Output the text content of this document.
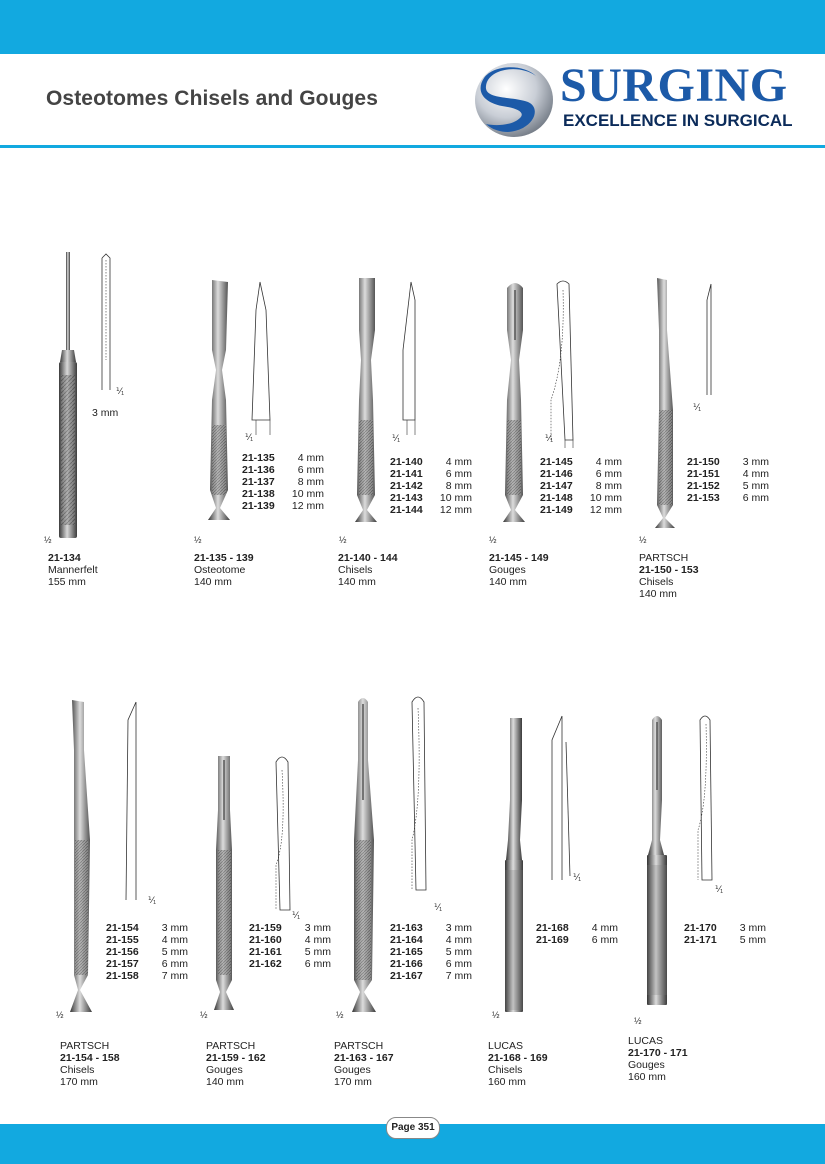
Osteotomes Chisels and Gouges	SURGING
EXCELLENCE IN SURGICAL
⅟₁
3 mm
½
21-134
Mannerfelt
155 mm
⅟₁
21-135 4 mm
21-136 6 mm
21-137 8 mm
21-138 10 mm
21-139 12 mm
½
21-135 - 139
Osteotome
140 mm
⅟₁
21-140 4 mm
21-141 6 mm
21-142 8 mm
21-143 10 mm
21-144 12 mm
½
21-140 - 144
Chisels
140 mm
⅟₁
21-145 4 mm
21-146 6 mm
21-147 8 mm
21-148 10 mm
21-149 12 mm
½
21-145 - 149
Gouges
140 mm
⅟₁
21-150 3 mm
21-151 4 mm
21-152 5 mm
21-153 6 mm
½
PARTSCH
21-150 - 153
Chisels
140 mm
⅟₁
21-154 3 mm
21-155 4 mm
21-156 5 mm
21-157 6 mm
21-158 7 mm
½
PARTSCH
21-154 - 158
Chisels
170 mm
⅟₁
21-159 3 mm
21-160 4 mm
21-161 5 mm
21-162 6 mm
½
PARTSCH
21-159 - 162
Gouges
140 mm
⅟₁
21-163 3 mm
21-164 4 mm
21-165 5 mm
21-166 6 mm
21-167 7 mm
½
PARTSCH
21-163 - 167
Gouges
170 mm
⅟₁
21-168 4 mm
21-169 6 mm
½
LUCAS
21-168 - 169
Chisels
160 mm
⅟₁
21-170 3 mm
21-171 5 mm
½
LUCAS
21-170 - 171
Gouges
160 mm
Page 351
